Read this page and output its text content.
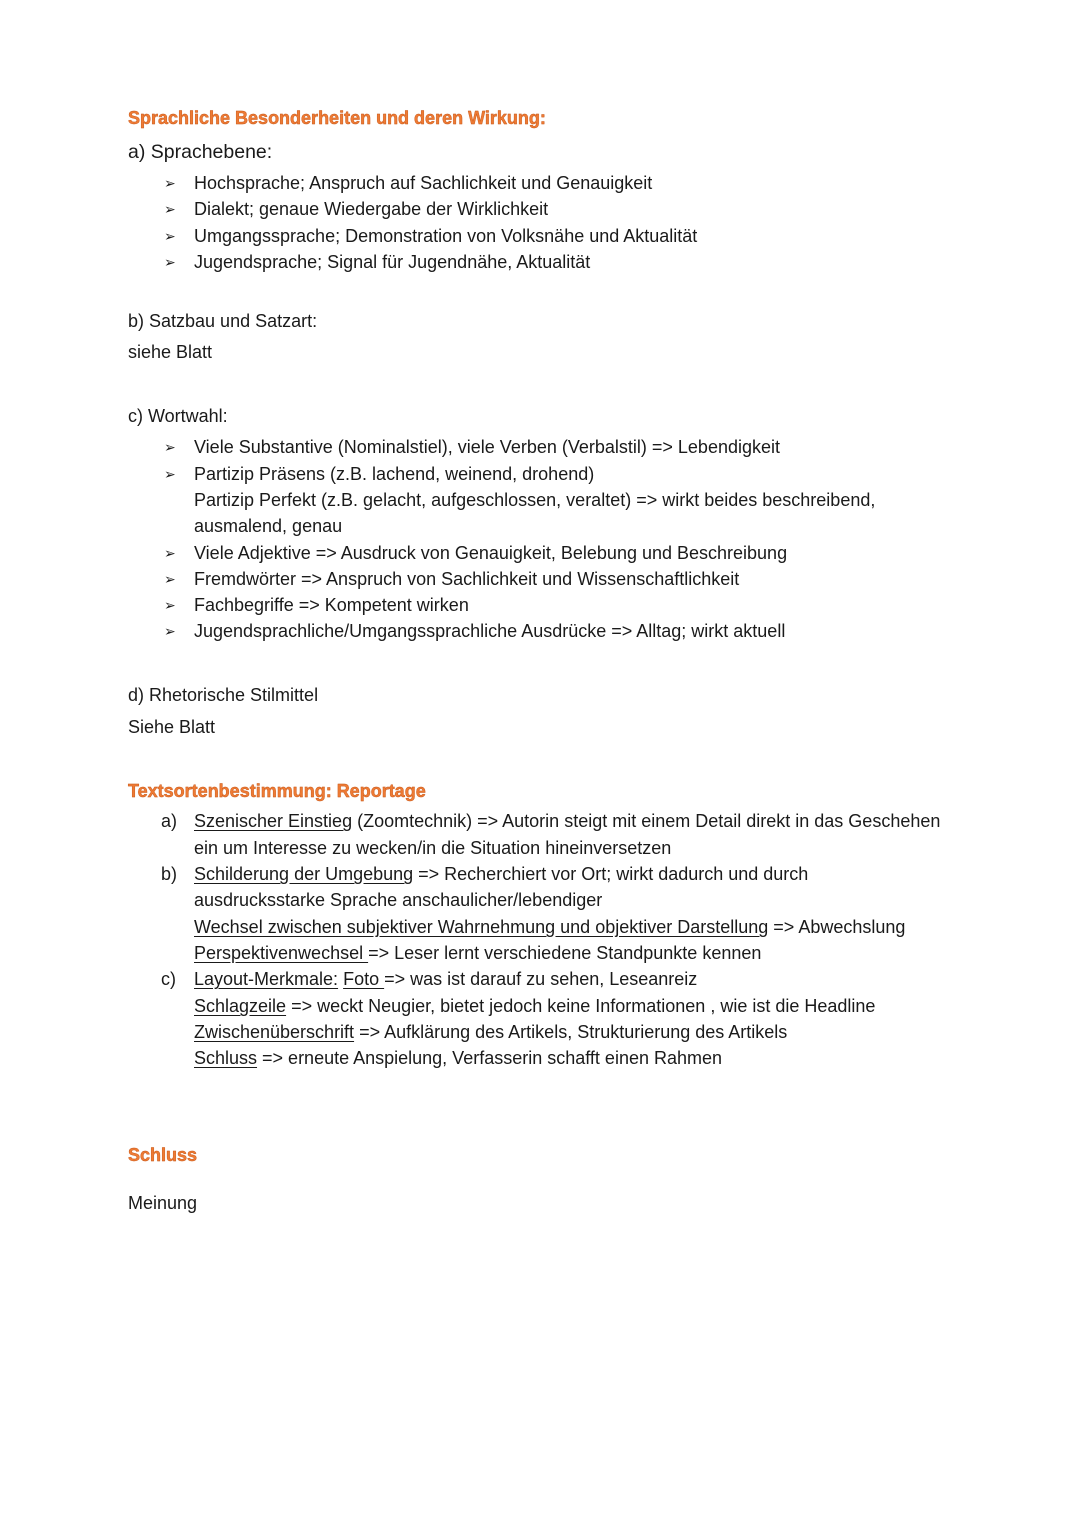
Sprachliche Besonderheiten und deren Wirkung:
a) Sprachebene:
➢ Hochsprache; Anspruch auf Sachlichkeit und Genauigkeit
➢ Dialekt; genaue Wiedergabe der Wirklichkeit
➢ Umgangssprache; Demonstration von Volksnähe und Aktualität
➢ Jugendsprache; Signal für Jugendnähe, Aktualität
b) Satzbau und Satzart:
siehe Blatt
c) Wortwahl:
➢ Viele Substantive (Nominalstiel), viele Verben (Verbalstil) => Lebendigkeit
➢ Partizip Präsens (z.B. lachend, weinend, drohend)
Partizip Perfekt (z.B. gelacht, aufgeschlossen, veraltet) => wirkt beides beschreibend,
ausmalend, genau
➢ Viele Adjektive => Ausdruck von Genauigkeit, Belebung und Beschreibung
➢ Fremdwörter => Anspruch von Sachlichkeit und Wissenschaftlichkeit
➢ Fachbegriffe => Kompetent wirken
➢ Jugendsprachliche/Umgangssprachliche Ausdrücke => Alltag; wirkt aktuell
d) Rhetorische Stilmittel
Siehe Blatt
Textsortenbestimmung: Reportage
a) Szenischer Einstieg (Zoomtechnik) => Autorin steigt mit einem Detail direkt in das Geschehen
ein um Interesse zu wecken/in die Situation hineinversetzen
b) Schilderung der Umgebung => Recherchiert vor Ort; wirkt dadurch und durch
ausdrucksstarke Sprache anschaulicher/lebendiger
Wechsel zwischen subjektiver Wahrnehmung und objektiver Darstellung => Abwechslung
Perspektivenwechsel => Leser lernt verschiedene Standpunkte kennen
c) Layout-Merkmale: Foto => was ist darauf zu sehen, Leseanreiz
Schlagzeile => weckt Neugier, bietet jedoch keine Informationen , wie ist die Headline
Zwischenüberschrift => Aufklärung des Artikels, Strukturierung des Artikels
Schluss => erneute Anspielung, Verfasserin schafft einen Rahmen
Schluss
Meinung
